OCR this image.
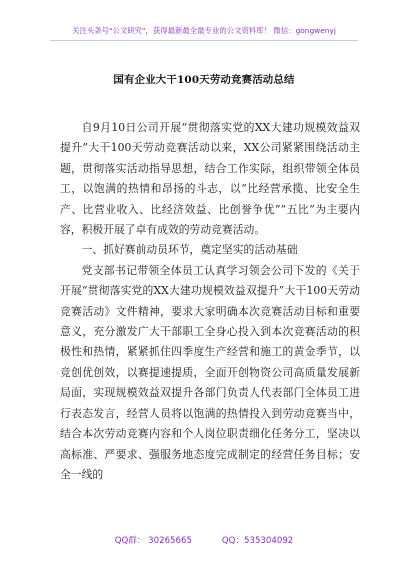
关注头条号"公文研究"，获得最新最全最专业的公文资料库！ 微信：gongwenyj
国有企业大干100天劳动竞赛活动总结

自9月10日公司开展“贯彻落实党的XX大建功规模效益双提升”大干100天劳动竞赛活动以来，XX公司紧紧围绕活动主题，贯彻落实活动指导思想，结合工作实际，组织带领全体员工，以饱满的热情和昂扬的斗志，以“比经营承揽、比安全生产、比营业收入、比经济效益、比创誉争优”“五比”为主要内容，积极开展了卓有成效的劳动竞赛活动。

一、抓好赛前动员环节，奠定坚实的活动基础

党支部书记带领全体员工认真学习领会公司下发的《关于开展“贯彻落实党的XX大建功规模效益双提升”大干100天劳动竞赛活动》文件精神，要求大家明确本次竞赛活动目标和重要意义，充分激发广大干部职工全身心投入到本次竞赛活动的积极性和热情，紧紧抓住四季度生产经营和施工的黄金季节，以竞创优创效，以赛提速提质，全面开创物资公司高质量发展新局面，实现规模效益双提升各部门负责人代表部门全体员工进行表态发言，经营人员将以饱满的热情投入到劳动竞赛当中，结合本次劳动竞赛内容和个人岗位职责细化任务分工，坚决以高标准、严要求、强服务地态度完成制定的经营任务目标；安全一线的

QQ群： 30265665	QQ：535304092
